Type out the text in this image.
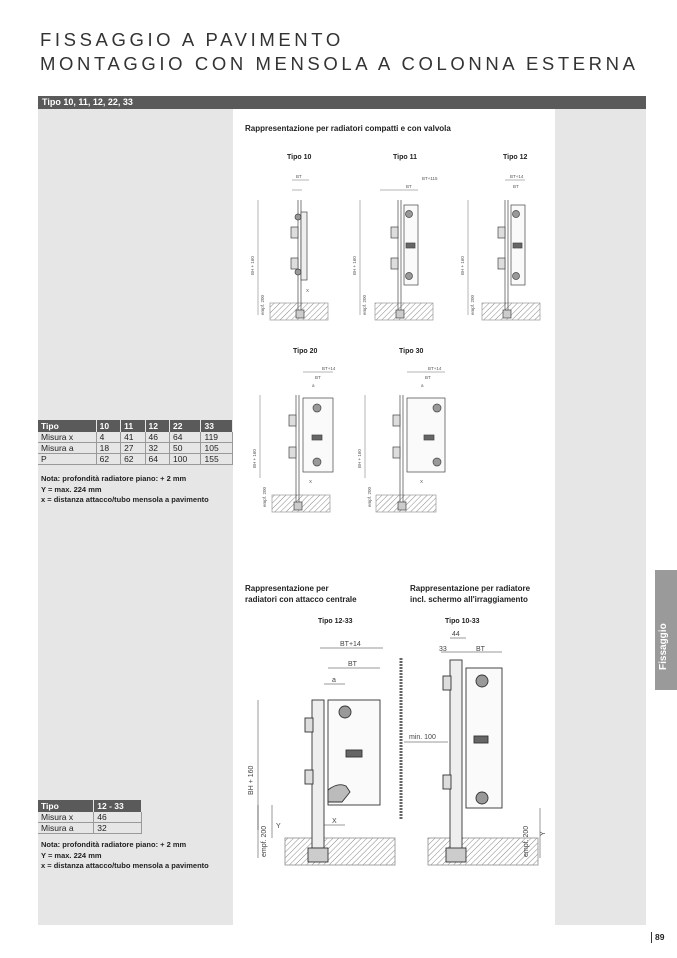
FISSAGGIO A PAVIMENTO
MONTAGGIO CON MENSOLA A COLONNA ESTERNA
Tipo 10, 11, 12, 22, 33
Fissaggio
Tipo	10	11	12	22	33
Misura x	4	41	46	64	119
Misura a	18	27	32	50	105
P	62	62	64	100	155
Nota: profondità radiatore piano: + 2 mm
Y = max. 224 mm
x = distanza attacco/tubo mensola a pavimento
Tipo	12 - 33
Misura x	46
Misura a	32
Nota: profondità radiatore piano: + 2 mm
Y = max. 224 mm
x = distanza attacco/tubo mensola a pavimento
Rappresentazione per radiatori compatti e con valvola
Tipo 10	Tipo 11	Tipo 12
Tipo 20	Tipo 30
BT
BH + 160
empf. 200
X
BT
BT+115
BH + 160
empf. 200
BT+14
BT
BH + 160
empf. 200
BT+14
BT
a
BH + 160
empf. 200
X
BT+14
BT
a
BH + 160
empf. 200
X
BT+14
BT
a
BH + 160
empf. 200 Y
X
44
33	BT
min. 100
empf. 200 Y
Rappresentazione per
radiatori con attacco centrale
Rappresentazione per radiatore
incl. schermo all'irraggiamento
Tipo 12-33	Tipo 10-33
89
